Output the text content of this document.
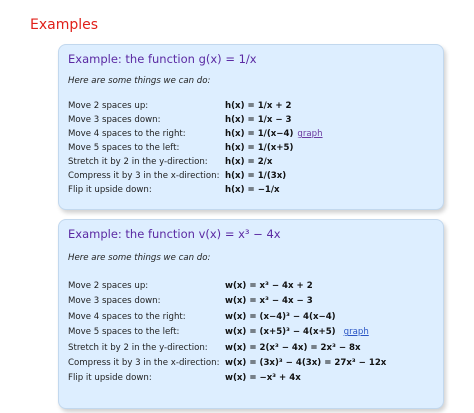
Examples
Example: the function g(x) = 1/x
Here are some things we can do:
Move 2 spaces up:	h(x) = 1/x + 2
Move 3 spaces down:	h(x) = 1/x − 3
Move 4 spaces to the right:	h(x) = 1/(x−4) graph
Move 5 spaces to the left:	h(x) = 1/(x+5)
Stretch it by 2 in the y-direction: h(x) = 2/x
Compress it by 3 in the x-direction: h(x) = 1/(3x)
Flip it upside down:	h(x) = −1/x
Example: the function v(x) = x³ − 4x
Here are some things we can do:
Move 2 spaces up:	w(x) = x³ − 4x + 2
Move 3 spaces down:	w(x) = x³ − 4x − 3
Move 4 spaces to the right:	w(x) = (x−4)³ − 4(x−4)
Move 5 spaces to the left:	w(x) = (x+5)³ − 4(x+5) graph
Stretch it by 2 in the y-direction: w(x) = 2(x³ − 4x) = 2x³ − 8x
Compress it by 3 in the x-direction: w(x) = (3x)³ − 4(3x) = 27x³ − 12x
Flip it upside down:	w(x) = −x³ + 4x
